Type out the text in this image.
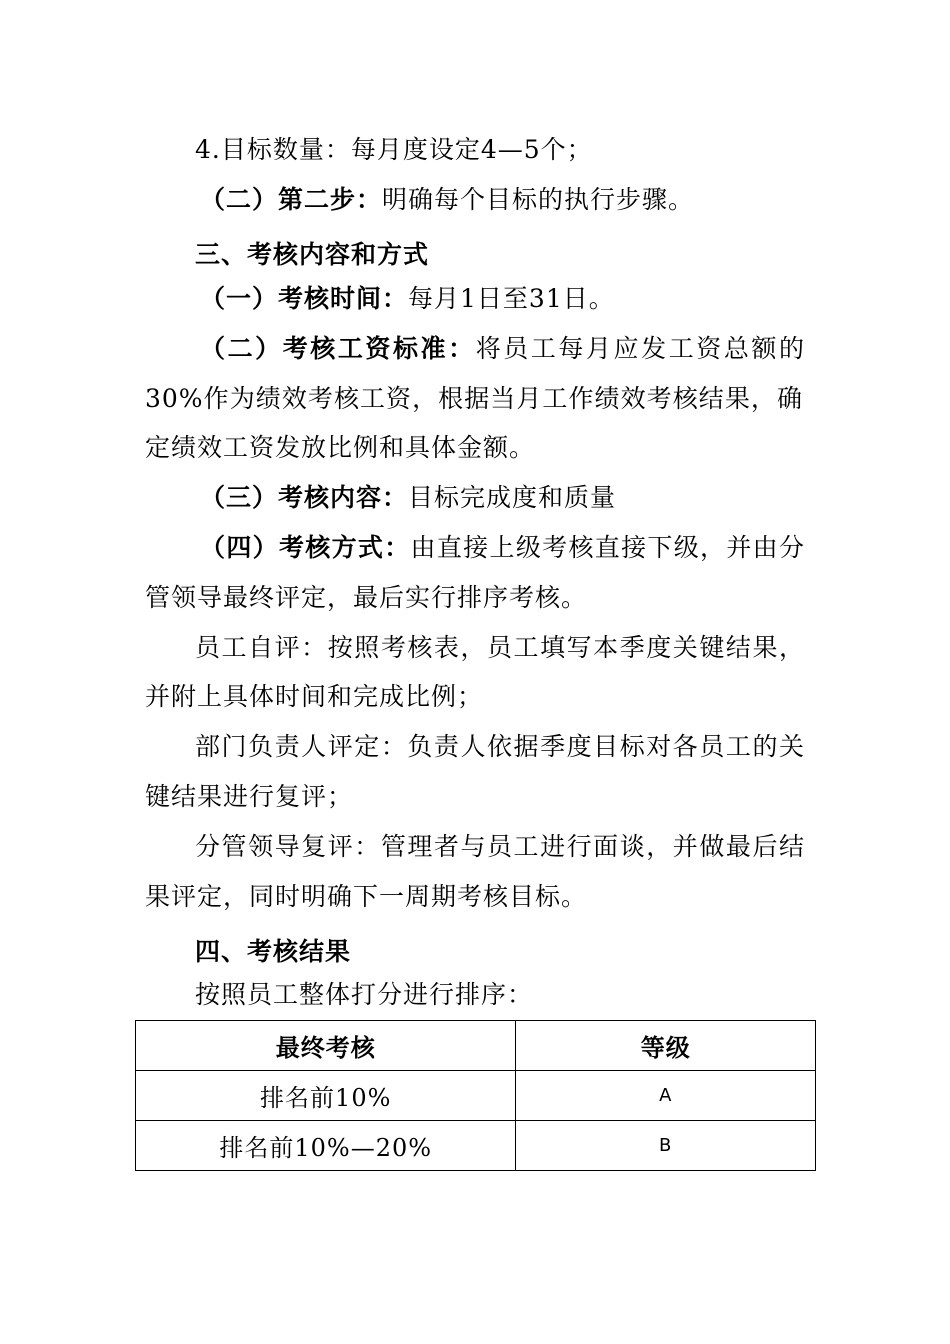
4.目标数量：每月度设定4—5个；
（二）第二步：明确每个目标的执行步骤。
三、考核内容和方式
（一）考核时间：每月1日至31日。
（二）考核工资标准：将员工每月应发工资总额的
30%作为绩效考核工资，根据当月工作绩效考核结果，确
定绩效工资发放比例和具体金额。
（三）考核内容：目标完成度和质量
（四）考核方式：由直接上级考核直接下级，并由分
管领导最终评定，最后实行排序考核。
员工自评：按照考核表，员工填写本季度关键结果，
并附上具体时间和完成比例；
部门负责人评定：负责人依据季度目标对各员工的关
键结果进行复评；
分管领导复评：管理者与员工进行面谈，并做最后结
果评定，同时明确下一周期考核目标。
四、考核结果
按照员工整体打分进行排序：
最终考核	等级
排名前10%	A
排名前10%—20%	B
